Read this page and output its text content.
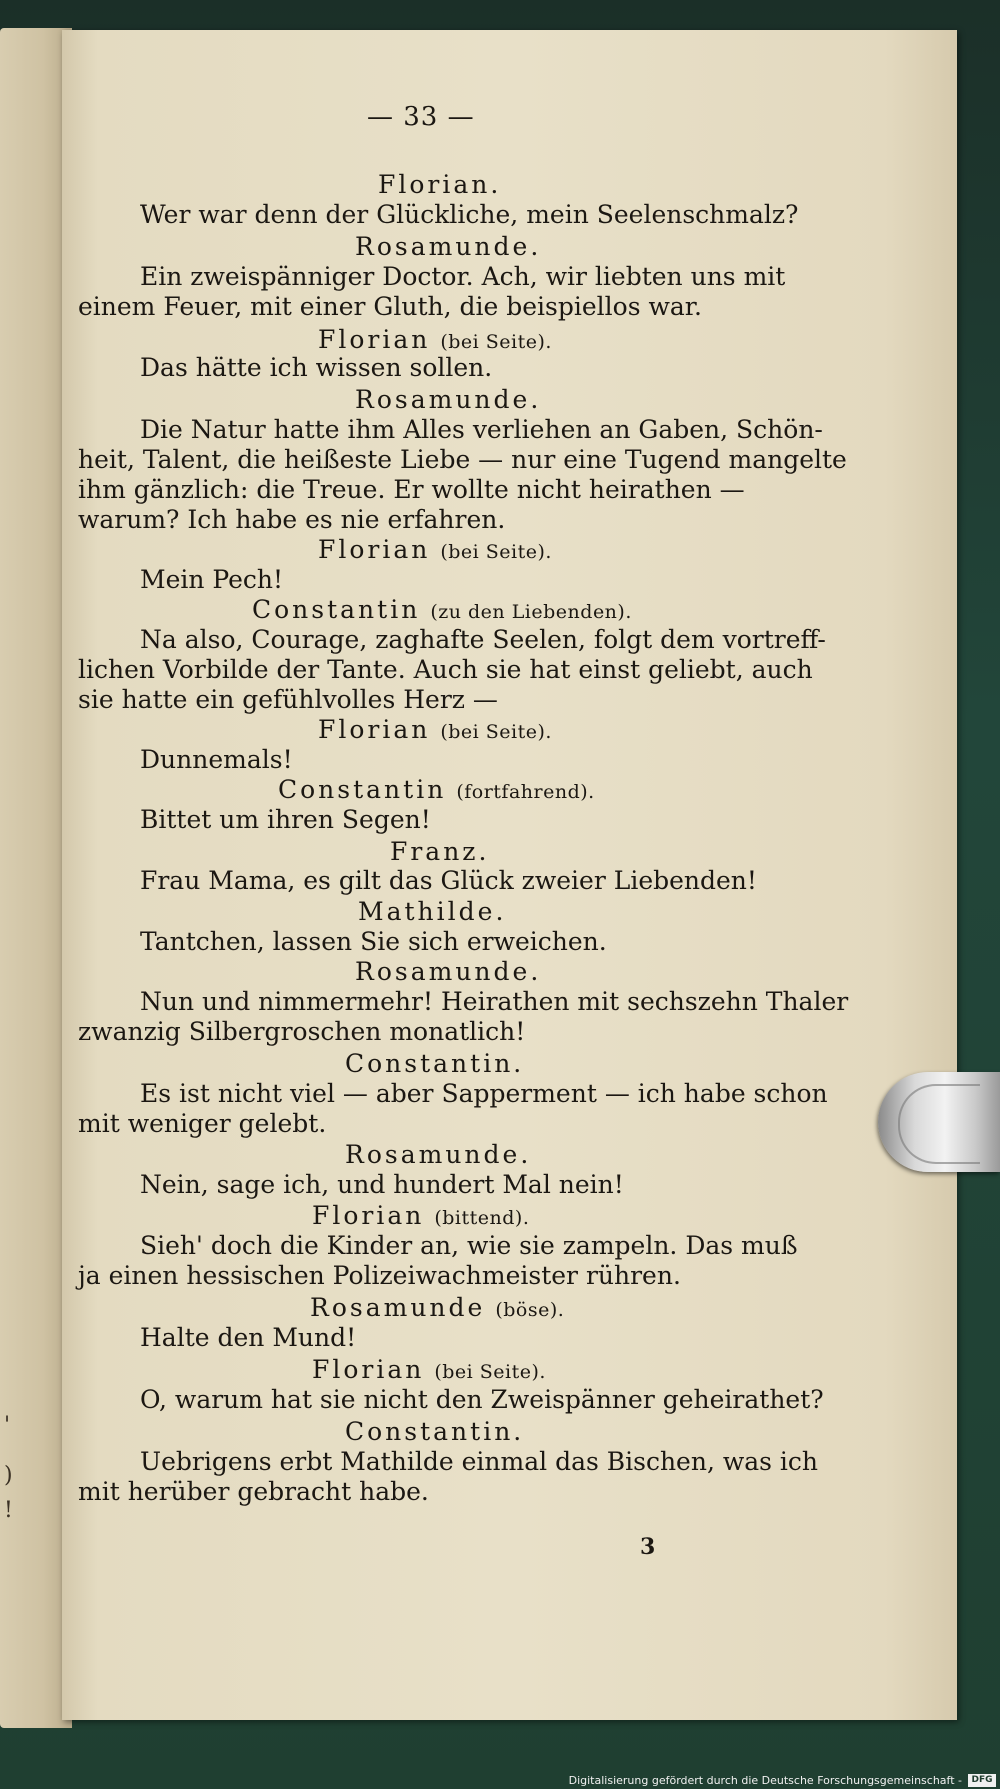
'
)
!
— 33 —
Florian.
Wer war denn der Glückliche, mein Seelenschmalz?
Rosamunde.
Ein zweispänniger Doctor. Ach, wir liebten uns mit
einem Feuer, mit einer Gluth, die beispiellos war.
Florian (bei Seite).
Das hätte ich wissen sollen.
Rosamunde.
Die Natur hatte ihm Alles verliehen an Gaben, Schön-
heit, Talent, die heißeste Liebe — nur eine Tugend mangelte
ihm gänzlich: die Treue. Er wollte nicht heirathen —
warum? Ich habe es nie erfahren.
Florian (bei Seite).
Mein Pech!
Constantin (zu den Liebenden).
Na also, Courage, zaghafte Seelen, folgt dem vortreff-
lichen Vorbilde der Tante. Auch sie hat einst geliebt, auch
sie hatte ein gefühlvolles Herz —
Florian (bei Seite).
Dunnemals!
Constantin (fortfahrend).
Bittet um ihren Segen!
Franz.
Frau Mama, es gilt das Glück zweier Liebenden!
Mathilde.
Tantchen, lassen Sie sich erweichen.
Rosamunde.
Nun und nimmermehr! Heirathen mit sechszehn Thaler
zwanzig Silbergroschen monatlich!
Constantin.
Es ist nicht viel — aber Sapperment — ich habe schon
mit weniger gelebt.
Rosamunde.
Nein, sage ich, und hundert Mal nein!
Florian (bittend).
Sieh' doch die Kinder an, wie sie zampeln. Das muß
ja einen hessischen Polizeiwachmeister rühren.
Rosamunde (böse).
Halte den Mund!
Florian (bei Seite).
O, warum hat sie nicht den Zweispänner geheirathet?
Constantin.
Uebrigens erbt Mathilde einmal das Bischen, was ich
mit herüber gebracht habe.
3
Digitalisierung gefördert durch die Deutsche Forschungsgemeinschaft -	DFG
